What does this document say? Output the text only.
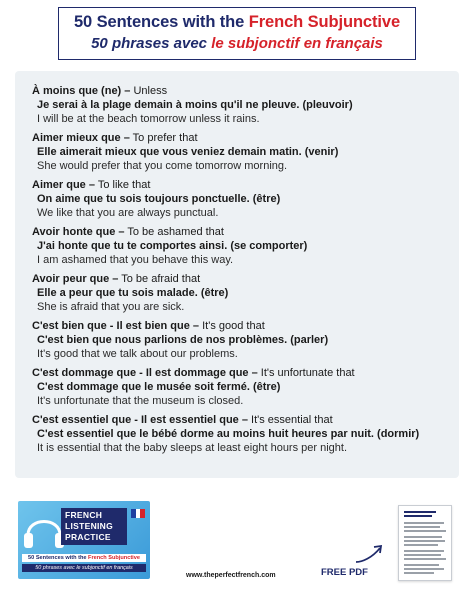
50 Sentences with the French Subjunctive
50 phrases avec le subjonctif en français
À moins que (ne) – Unless
Je serai à la plage demain à moins qu'il ne pleuve. (pleuvoir)
I will be at the beach tomorrow unless it rains.
Aimer mieux que – To prefer that
Elle aimerait mieux que vous veniez demain matin. (venir)
She would prefer that you come tomorrow morning.
Aimer que – To like that
On aime que tu sois toujours ponctuelle. (être)
We like that you are always punctual.
Avoir honte que – To be ashamed that
J'ai honte que tu te comportes ainsi. (se comporter)
I am ashamed that you behave this way.
Avoir peur que – To be afraid that
Elle a peur que tu sois malade. (être)
She is afraid that you are sick.
C'est bien que - Il est bien que – It's good that
C'est bien que nous parlions de nos problèmes. (parler)
It's good that we talk about our problems.
C'est dommage que - Il est dommage que – It's unfortunate that
C'est dommage que le musée soit fermé. (être)
It's unfortunate that the museum is closed.
C'est essentiel que - Il est essentiel que – It's essential that
C'est essentiel que le bébé dorme au moins huit heures par nuit. (dormir)
It is essential that the baby sleeps at least eight hours per night.
FRENCH
LISTENING
PRACTICE
50 Sentences with the French Subjunctive
50 phrases avec le subjonctif en français
www.theperfectfrench.com	FREE PDF
